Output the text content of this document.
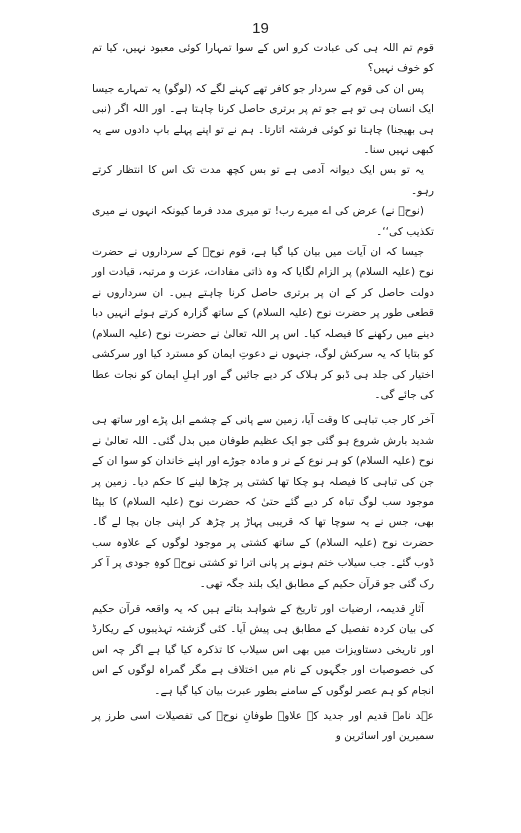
19

قوم تم اللہ ہی کی عبادت کرو اس کے سوا تمہارا کوئی معبود نہیں، کیا تم کو خوف نہیں؟

پس ان کی قوم کے سردار جو کافر تھے کہنے لگے کہ (لوگو) یہ تمہارے جیسا ایک انسان ہی تو ہے جو تم پر برتری حاصل کرنا چاہتا ہے۔ اور اللہ اگر (نبی ہی بھیجنا) چاہتا تو کوئی فرشتہ اتارتا۔ ہم نے تو اپنے پہلے باپ دادوں سے یہ کبھی نہیں سنا۔

یہ تو بس ایک دیوانہ آدمی ہے تو بس کچھ مدت تک اس کا انتظار کرتے رہو۔

(نوحؑ نے) عرض کی اے میرے رب! تو میری مدد فرما کیونکہ انہوں نے میری تکذیب کی‘‘۔

جیسا کہ ان آیات میں بیان کیا گیا ہے، قوم نوحؑ کے سرداروں نے حضرت نوح (علیہ السلام) پر الزام لگایا کہ وہ ذاتی مفادات، عزت و مرتبہ، قیادت اور دولت حاصل کر کے ان پر برتری حاصل کرنا چاہتے ہیں۔ ان سرداروں نے قطعی طور پر حضرت نوح (علیہ السلام) کے ساتھ گزارہ کرتے ہوئے انہیں دبا دینے میں رکھنے کا فیصلہ کیا۔ اس پر اللہ تعالیٰ نے حضرت نوح (علیہ السلام) کو بتایا کہ یہ سرکش لوگ، جنہوں نے دعوتِ ایمان کو مسترد کیا اور سرکشی اختیار کی جلد ہی ڈبو کر ہلاک کر دیے جائیں گے اور اہلِ ایمان کو نجات عطا کی جائے گی۔

آخر کار جب تباہی کا وقت آیا، زمین سے پانی کے چشمے ابل پڑے اور ساتھ ہی شدید بارش شروع ہو گئی جو ایک عظیم طوفان میں بدل گئی۔ اللہ تعالیٰ نے نوح (علیہ السلام) کو ہر نوع کے نر و مادہ جوڑے اور اپنے خاندان کو سوا ان کے جن کی تباہی کا فیصلہ ہو چکا تھا کشتی پر چڑھا لینے کا حکم دیا۔ زمین پر موجود سب لوگ تباہ کر دیے گئے حتیٰ کہ حضرت نوح (علیہ السلام) کا بیٹا بھی، جس نے یہ سوچا تھا کہ قریبی پہاڑ پر چڑھ کر اپنی جان بچا لے گا۔ حضرت نوح (علیہ السلام) کے ساتھ کشتی پر موجود لوگوں کے علاوہ سب ڈوب گئے۔ جب سیلاب ختم ہونے پر پانی اترا تو کشتی نوحؑ کوہِ جودی پر آ کر رک گئی جو قرآن حکیم کے مطابق ایک بلند جگہ تھی۔

آثارِ قدیمہ، ارضیات اور تاریخ کے شواہد بتاتے ہیں کہ یہ واقعہ قرآن حکیم کی بیان کردہ تفصیل کے مطابق ہی پیش آیا۔ کئی گزشتہ تہذیبوں کے ریکارڈ اور تاریخی دستاویزات میں بھی اس سیلاب کا تذکرہ کیا گیا ہے اگر چہ اس کی خصوصیات اور جگہوں کے نام میں اختلاف ہے مگر گمراہ لوگوں کے اس انجام کو ہم عصر لوگوں کے سامنے بطور عبرت بیان کیا گیا ہے۔

عہد نامہ قدیم اور جدید کے علاوہ طوفانِ نوحؑ کی تفصیلات اسی طرز پر سمیرین اور اسائرین و
